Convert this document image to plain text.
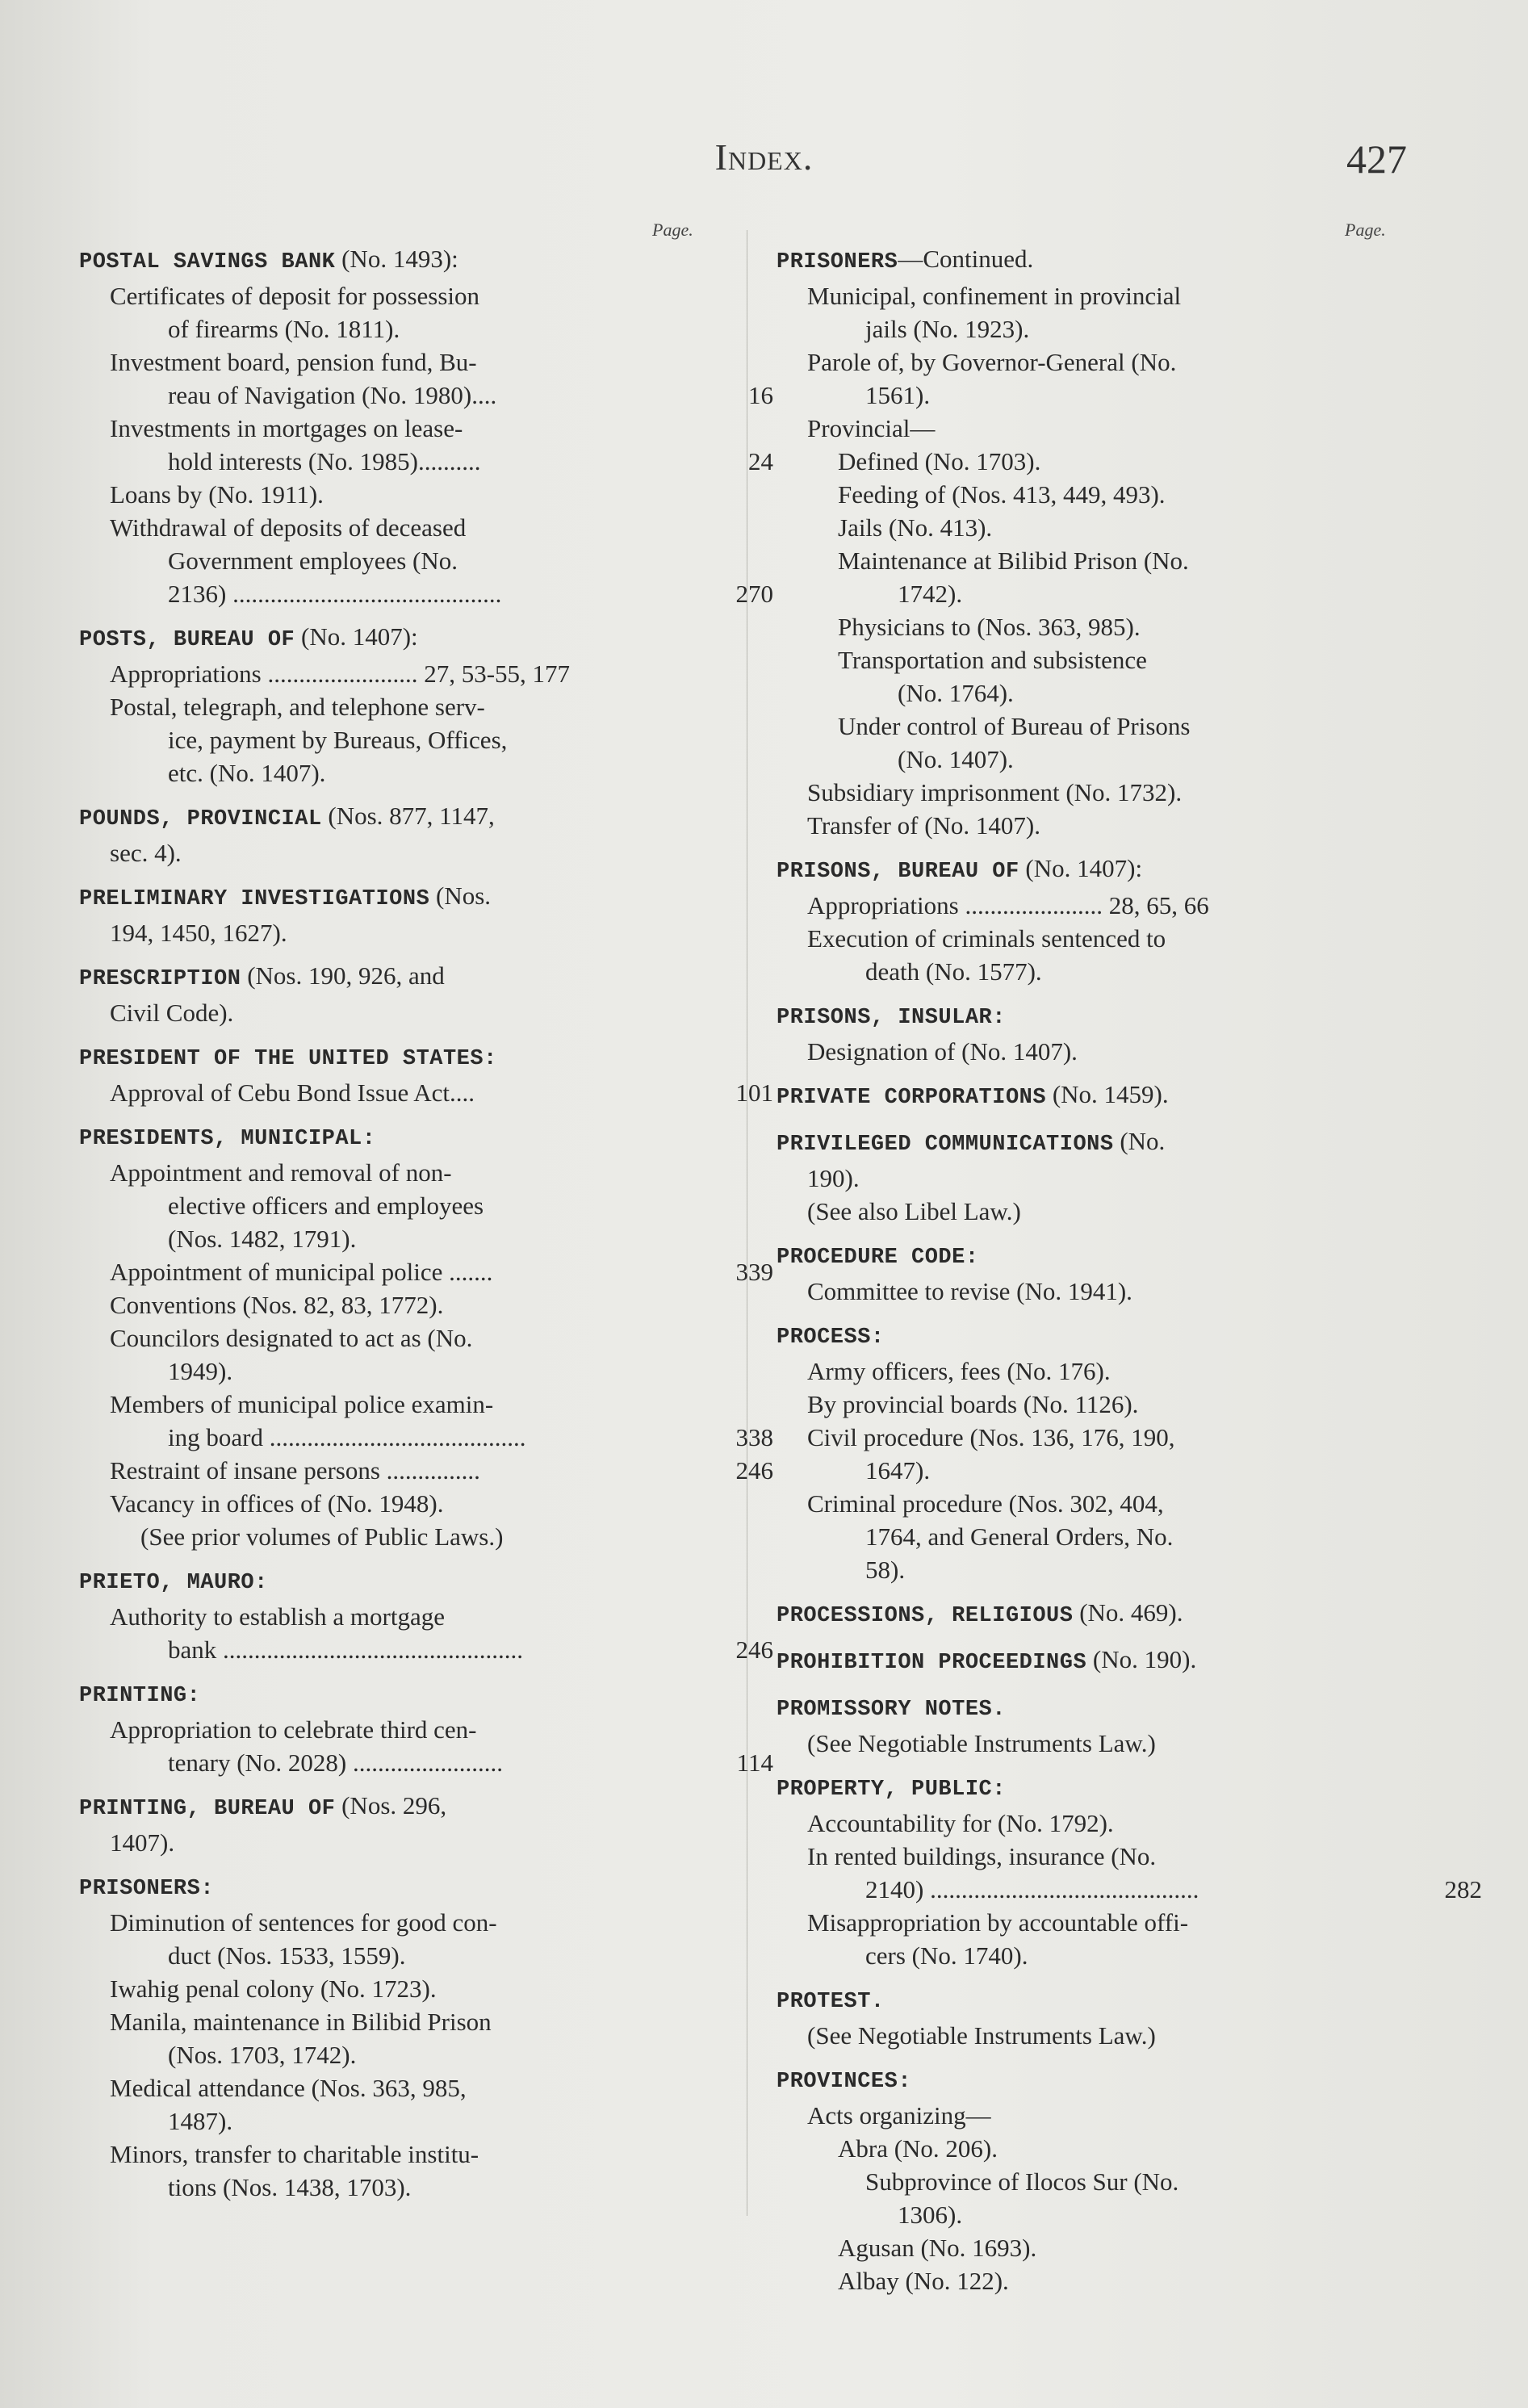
Index.	427
Page.	Page.
POSTAL SAVINGS BANK (No. 1493):
Certificates of deposit for possession
of firearms (No. 1811).
Investment board, pension fund, Bu-
reau of Navigation (No. 1980)....	16
Investments in mortgages on lease-
hold interests (No. 1985)..........	24
Loans by (No. 1911).
Withdrawal of deposits of deceased
Government employees (No.
2136) ...........................................	270
POSTS, BUREAU OF (No. 1407):
Appropriations ........................ 27, 53-55, 177
Postal, telegraph, and telephone serv-
ice, payment by Bureaus, Offices,
etc. (No. 1407).
POUNDS, PROVINCIAL (Nos. 877, 1147,
sec. 4).
PRELIMINARY INVESTIGATIONS (Nos.
194, 1450, 1627).
PRESCRIPTION (Nos. 190, 926, and
Civil Code).
PRESIDENT OF THE UNITED STATES:
Approval of Cebu Bond Issue Act....	101
PRESIDENTS, MUNICIPAL:
Appointment and removal of non-
elective officers and employees
(Nos. 1482, 1791).
Appointment of municipal police .......	339
Conventions (Nos. 82, 83, 1772).
Councilors designated to act as (No.
1949).
Members of municipal police examin-
ing board .........................................	338
Restraint of insane persons ...............	246
Vacancy in offices of (No. 1948).
(See prior volumes of Public Laws.)
PRIETO, MAURO:
Authority to establish a mortgage
bank ................................................	246
PRINTING:
Appropriation to celebrate third cen-
tenary (No. 2028) ........................	114
PRINTING, BUREAU OF (Nos. 296,
1407).
PRISONERS:
Diminution of sentences for good con-
duct (Nos. 1533, 1559).
Iwahig penal colony (No. 1723).
Manila, maintenance in Bilibid Prison
(Nos. 1703, 1742).
Medical attendance (Nos. 363, 985,
1487).
Minors, transfer to charitable institu-
tions (Nos. 1438, 1703).
PRISONERS—Continued.
Municipal, confinement in provincial
jails (No. 1923).
Parole of, by Governor-General (No.
1561).
Provincial—
Defined (No. 1703).
Feeding of (Nos. 413, 449, 493).
Jails (No. 413).
Maintenance at Bilibid Prison (No.
1742).
Physicians to (Nos. 363, 985).
Transportation and subsistence
(No. 1764).
Under control of Bureau of Prisons
(No. 1407).
Subsidiary imprisonment (No. 1732).
Transfer of (No. 1407).
PRISONS, BUREAU OF (No. 1407):
Appropriations ...................... 28, 65, 66
Execution of criminals sentenced to
death (No. 1577).
PRISONS, INSULAR:
Designation of (No. 1407).
PRIVATE CORPORATIONS (No. 1459).
PRIVILEGED COMMUNICATIONS (No.
190).
(See also Libel Law.)
PROCEDURE CODE:
Committee to revise (No. 1941).
PROCESS:
Army officers, fees (No. 176).
By provincial boards (No. 1126).
Civil procedure (Nos. 136, 176, 190,
1647).
Criminal procedure (Nos. 302, 404,
1764, and General Orders, No.
58).
PROCESSIONS, RELIGIOUS (No. 469).
PROHIBITION PROCEEDINGS (No. 190).
PROMISSORY NOTES.
(See Negotiable Instruments Law.)
PROPERTY, PUBLIC:
Accountability for (No. 1792).
In rented buildings, insurance (No.
2140) ...........................................	282
Misappropriation by accountable offi-
cers (No. 1740).
PROTEST.
(See Negotiable Instruments Law.)
PROVINCES:
Acts organizing—
Abra (No. 206).
Subprovince of Ilocos Sur (No.
1306).
Agusan (No. 1693).
Albay (No. 122).
